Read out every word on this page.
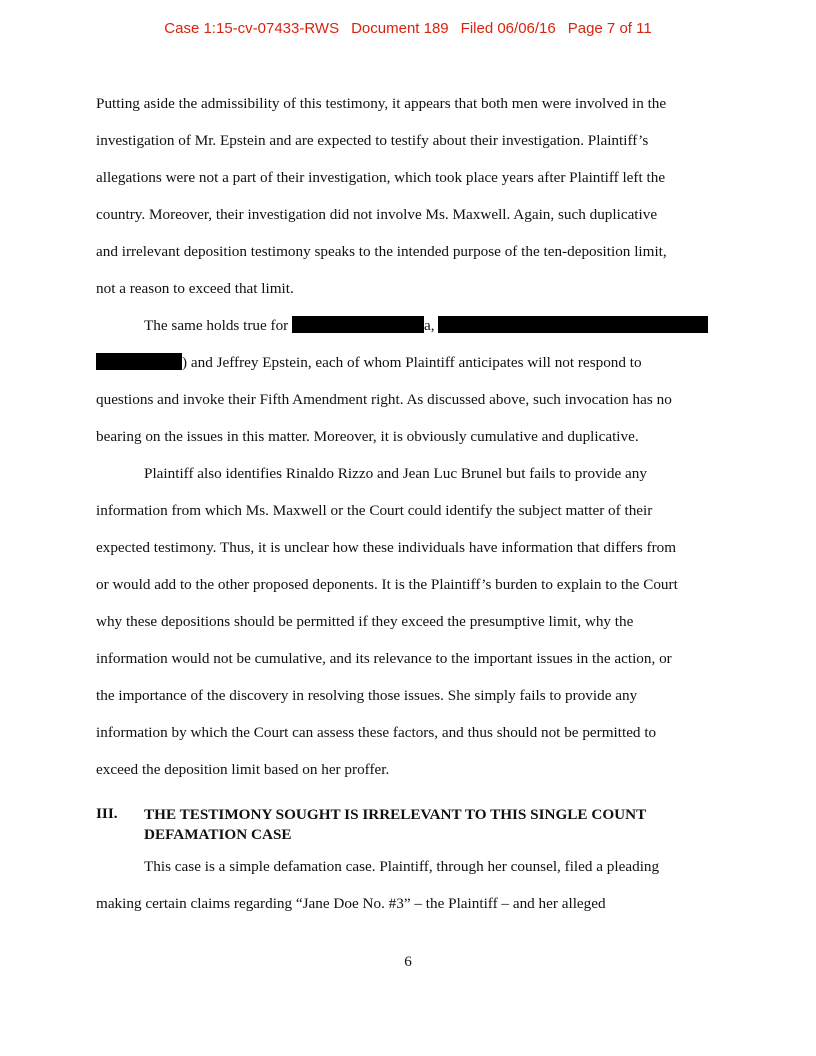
Case 1:15-cv-07433-RWS Document 189 Filed 06/06/16 Page 7 of 11
Putting aside the admissibility of this testimony, it appears that both men were involved in the
investigation of Mr. Epstein and are expected to testify about their investigation. Plaintiff’s
allegations were not a part of their investigation, which took place years after Plaintiff left the
country. Moreover, their investigation did not involve Ms. Maxwell. Again, such duplicative
and irrelevant deposition testimony speaks to the intended purpose of the ten-deposition limit,
not a reason to exceed that limit.
The same holds true for	a,
) and Jeffrey Epstein, each of whom Plaintiff anticipates will not respond to
questions and invoke their Fifth Amendment right. As discussed above, such invocation has no
bearing on the issues in this matter. Moreover, it is obviously cumulative and duplicative.
Plaintiff also identifies Rinaldo Rizzo and Jean Luc Brunel but fails to provide any
information from which Ms. Maxwell or the Court could identify the subject matter of their
expected testimony. Thus, it is unclear how these individuals have information that differs from
or would add to the other proposed deponents. It is the Plaintiff’s burden to explain to the Court
why these depositions should be permitted if they exceed the presumptive limit, why the
information would not be cumulative, and its relevance to the important issues in the action, or
the importance of the discovery in resolving those issues. She simply fails to provide any
information by which the Court can assess these factors, and thus should not be permitted to
exceed the deposition limit based on her proffer.
III. THE TESTIMONY SOUGHT IS IRRELEVANT TO THIS SINGLE COUNT
DEFAMATION CASE
6
This case is a simple defamation case. Plaintiff, through her counsel, filed a pleading
making certain claims regarding “Jane Doe No. #3” – the Plaintiff – and her alleged
